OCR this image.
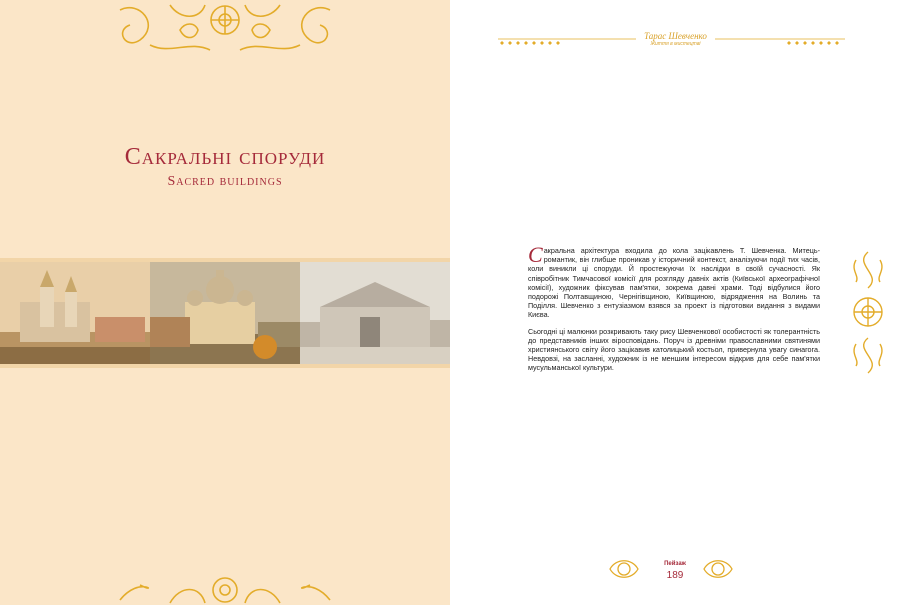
Сакральні споруди
Sacred buildings
Тарас Шевченко
Життя в мистецтві

Сакральна архітектура входила до кола зацікавлень Т. Шевченка. Митець-романтик, він глибше проникав у історичний контекст, аналізуючи події тих часів, коли виникли ці споруди. Й простежуючи їх наслідки в своїй сучасності. Як співробітник Тимчасової комісії для розгляду давніх актів (Київської археографічної комісії), художник фіксував пам'ятки, зокрема давні храми. Тоді відбулися його подорожі Полтавщиною, Чернігівщиною, Київщиною, відрядження на Волинь та Поділля. Шевченко з ентузіазмом взявся за проект із підготовки видання з видами Києва.

Сьогодні ці малюнки розкривають таку рису Шевченкової особистості як толерантність до представників інших віросповідань. Поруч із древніми православними святинями християнського світу його зацікавив католицький костьол, привернула увагу синагога. Невдовзі, на засланні, художник із не меншим інтересом відкрив для себе пам'ятки мусульманської культури.

Пейзаж
189
